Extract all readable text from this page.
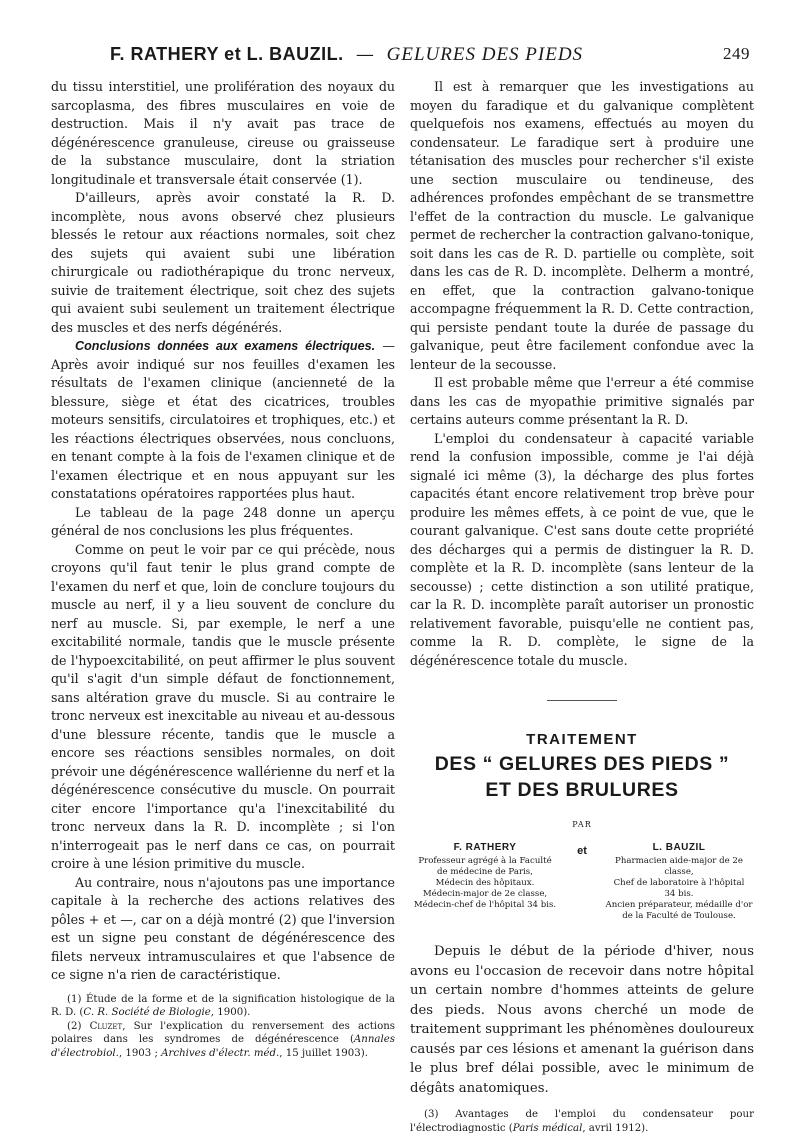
F. RATHERY et L. BAUZIL. — GELURES DES PIEDS	249

du tissu interstitiel, une prolifération des noyaux du sarcoplasma, des fibres musculaires en voie de destruction. Mais il n'y avait pas trace de dégénérescence granuleuse, cireuse ou graisseuse de la substance musculaire, dont la striation longitudinale et transversale était conservée (1).

D'ailleurs, après avoir constaté la R. D. incomplète, nous avons observé chez plusieurs blessés le retour aux réactions normales, soit chez des sujets qui avaient subi une libération chirurgicale ou radiothérapique du tronc nerveux, suivie de traitement électrique, soit chez des sujets qui avaient subi seulement un traitement électrique des muscles et des nerfs dégénérés.

Conclusions données aux examens électriques. — Après avoir indiqué sur nos feuilles d'examen les résultats de l'examen clinique (ancienneté de la blessure, siège et état des cicatrices, troubles moteurs sensitifs, circulatoires et trophiques, etc.) et les réactions électriques observées, nous concluons, en tenant compte à la fois de l'examen clinique et de l'examen électrique et en nous appuyant sur les constatations opératoires rapportées plus haut.

Le tableau de la page 248 donne un aperçu général de nos conclusions les plus fréquentes.

Comme on peut le voir par ce qui précède, nous croyons qu'il faut tenir le plus grand compte de l'examen du nerf et que, loin de conclure toujours du muscle au nerf, il y a lieu souvent de conclure du nerf au muscle. Si, par exemple, le nerf a une excitabilité normale, tandis que le muscle présente de l'hypoexcitabilité, on peut affirmer le plus souvent qu'il s'agit d'un simple défaut de fonctionnement, sans altération grave du muscle. Si au contraire le tronc nerveux est inexcitable au niveau et au-dessous d'une blessure récente, tandis que le muscle a encore ses réactions sensibles normales, on doit prévoir une dégénérescence wallérienne du nerf et la dégénérescence consécutive du muscle. On pourrait citer encore l'importance qu'a l'inexcitabilité du tronc nerveux dans la R. D. incomplète ; si l'on n'interrogeait pas le nerf dans ce cas, on pourrait croire à une lésion primitive du muscle.

Au contraire, nous n'ajoutons pas une importance capitale à la recherche des actions relatives des pôles + et —, car on a déjà montré (2) que l'inversion est un signe peu constant de dégénérescence des filets nerveux intramusculaires et que l'absence de ce signe n'a rien de caractéristique.

(1) Étude de la forme et de la signification histologique de la R. D. (C. R. Société de Biologie, 1900).

(2) Cluzet, Sur l'explication du renversement des actions polaires dans les syndromes de dégénérescence (Annales d'électrobiol., 1903 ; Archives d'électr. méd., 15 juillet 1903).

Il est à remarquer que les investigations au moyen du faradique et du galvanique complètent quelquefois nos examens, effectués au moyen du condensateur. Le faradique sert à produire une tétanisation des muscles pour rechercher s'il existe une section musculaire ou tendineuse, des adhérences profondes empêchant de se transmettre l'effet de la contraction du muscle. Le galvanique permet de rechercher la contraction galvano-tonique, soit dans les cas de R. D. partielle ou complète, soit dans les cas de R. D. incomplète. Delherm a montré, en effet, que la contraction galvano-tonique accompagne fréquemment la R. D. Cette contraction, qui persiste pendant toute la durée de passage du galvanique, peut être facilement confondue avec la lenteur de la secousse.

Il est probable même que l'erreur a été commise dans les cas de myopathie primitive signalés par certains auteurs comme présentant la R. D.

L'emploi du condensateur à capacité variable rend la confusion impossible, comme je l'ai déjà signalé ici même (3), la décharge des plus fortes capacités étant encore relativement trop brève pour produire les mêmes effets, à ce point de vue, que le courant galvanique. C'est sans doute cette propriété des décharges qui a permis de distinguer la R. D. complète et la R. D. incomplète (sans lenteur de la secousse) ; cette distinction a son utilité pratique, car la R. D. incomplète paraît autoriser un pronostic relativement favorable, puisqu'elle ne contient pas, comme la R. D. complète, le signe de la dégénérescence totale du muscle.

TRAITEMENT
DES “ GELURES DES PIEDS ”
ET DES BRULURES
PAR
F. RATHERY
Professeur agrégé à la Faculté
de médecine de Paris,
Médecin des hôpitaux.
Médecin-major de 2e classe,
Médecin-chef de l'hôpital 34 bis.
et	L. BAUZIL
Pharmacien aide-major de 2e classe,
Chef de laboratoire à l'hôpital
34 bis.
Ancien préparateur, médaille d'or
de la Faculté de Toulouse.

Depuis le début de la période d'hiver, nous avons eu l'occasion de recevoir dans notre hôpital un certain nombre d'hommes atteints de gelure des pieds. Nous avons cherché un mode de traitement supprimant les phénomènes douloureux causés par ces lésions et amenant la guérison dans le plus bref délai possible, avec le minimum de dégâts anatomiques.

(3) Avantages de l'emploi du condensateur pour l'électrodiagnostic (Paris médical, avril 1912).
